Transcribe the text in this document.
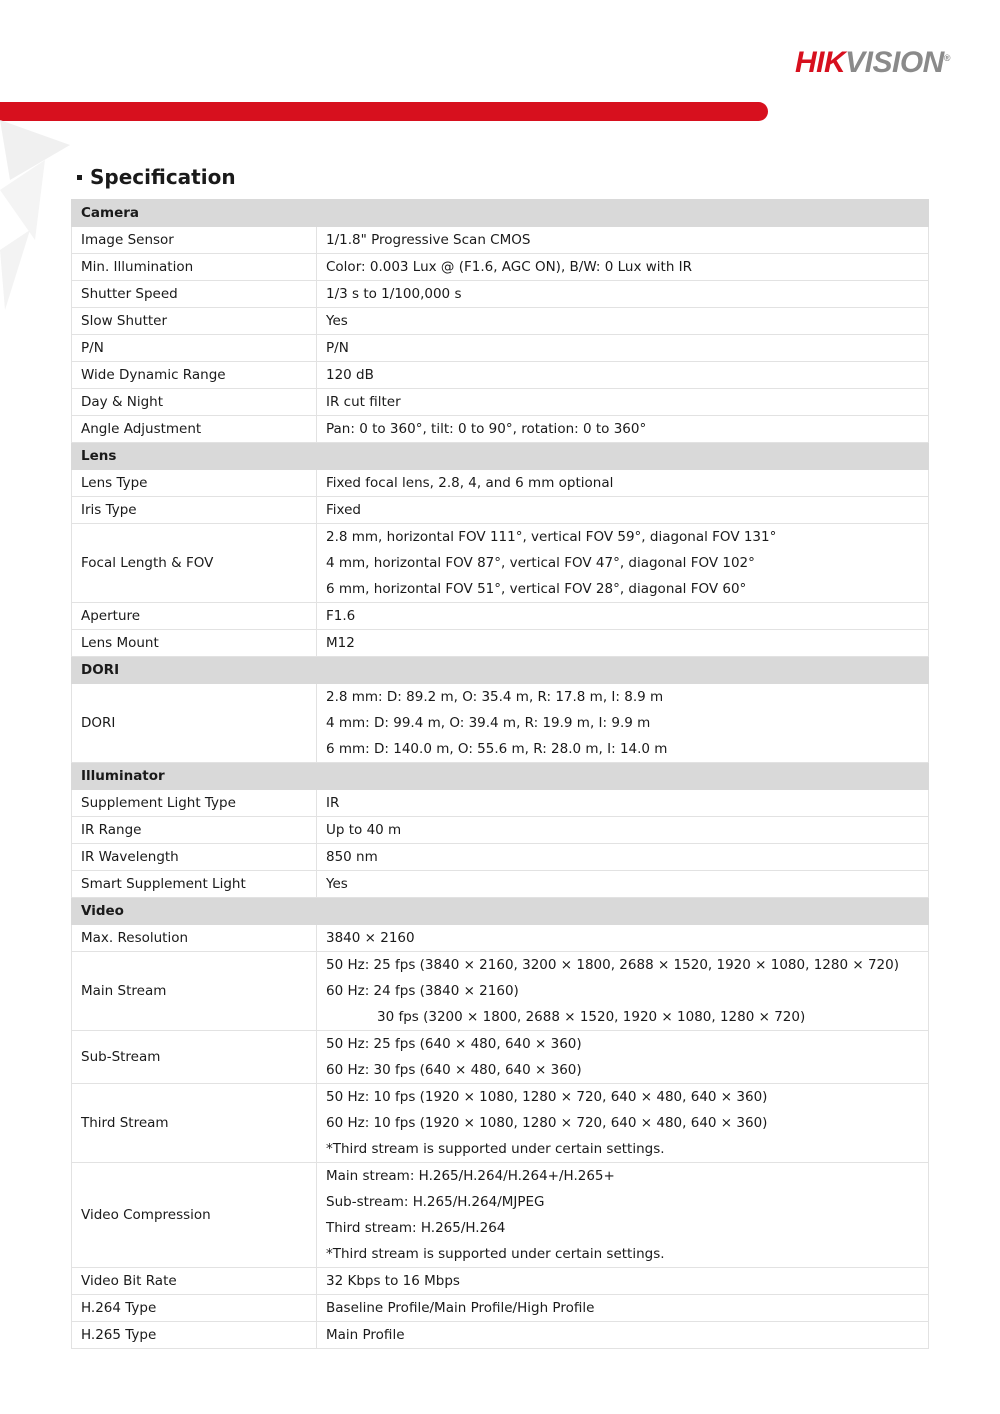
HIKVISION®
Specification
Camera	
Image Sensor	1/1.8" Progressive Scan CMOS

Min. Illumination	Color: 0.003 Lux @ (F1.6, AGC ON), B/W: 0 Lux with IR

Shutter Speed	1/3 s to 1/100,000 s

Slow Shutter	Yes

P/N	P/N

Wide Dynamic Range	120 dB

Day & Night	IR cut filter

Angle Adjustment	Pan: 0 to 360°, tilt: 0 to 90°, rotation: 0 to 360°

Lens	
Lens Type	Fixed focal lens, 2.8, 4, and 6 mm optional

Iris Type	Fixed

Focal Length & FOV	2.8 mm, horizontal FOV 111°, vertical FOV 59°, diagonal FOV 131°
4 mm, horizontal FOV 87°, vertical FOV 47°, diagonal FOV 102°
6 mm, horizontal FOV 51°, vertical FOV 28°, diagonal FOV 60°

Aperture	F1.6

Lens Mount	M12

DORI	
DORI	2.8 mm: D: 89.2 m, O: 35.4 m, R: 17.8 m, I: 8.9 m
4 mm: D: 99.4 m, O: 39.4 m, R: 19.9 m, I: 9.9 m
6 mm: D: 140.0 m, O: 55.6 m, R: 28.0 m, I: 14.0 m

Illuminator	
Supplement Light Type	IR

IR Range	Up to 40 m

IR Wavelength	850 nm

Smart Supplement Light	Yes

Video	
Max. Resolution	3840 × 2160

Main Stream	50 Hz: 25 fps (3840 × 2160, 3200 × 1800, 2688 × 1520, 1920 × 1080, 1280 × 720)
60 Hz: 24 fps (3840 × 2160)
30 fps (3200 × 1800, 2688 × 1520, 1920 × 1080, 1280 × 720)

Sub-Stream	50 Hz: 25 fps (640 × 480, 640 × 360)
60 Hz: 30 fps (640 × 480, 640 × 360)

Third Stream	50 Hz: 10 fps (1920 × 1080, 1280 × 720, 640 × 480, 640 × 360)
60 Hz: 10 fps (1920 × 1080, 1280 × 720, 640 × 480, 640 × 360)
*Third stream is supported under certain settings.

Video Compression	Main stream: H.265/H.264/H.264+/H.265+
Sub-stream: H.265/H.264/MJPEG
Third stream: H.265/H.264
*Third stream is supported under certain settings.

Video Bit Rate	32 Kbps to 16 Mbps

H.264 Type	Baseline Profile/Main Profile/High Profile

H.265 Type	Main Profile
